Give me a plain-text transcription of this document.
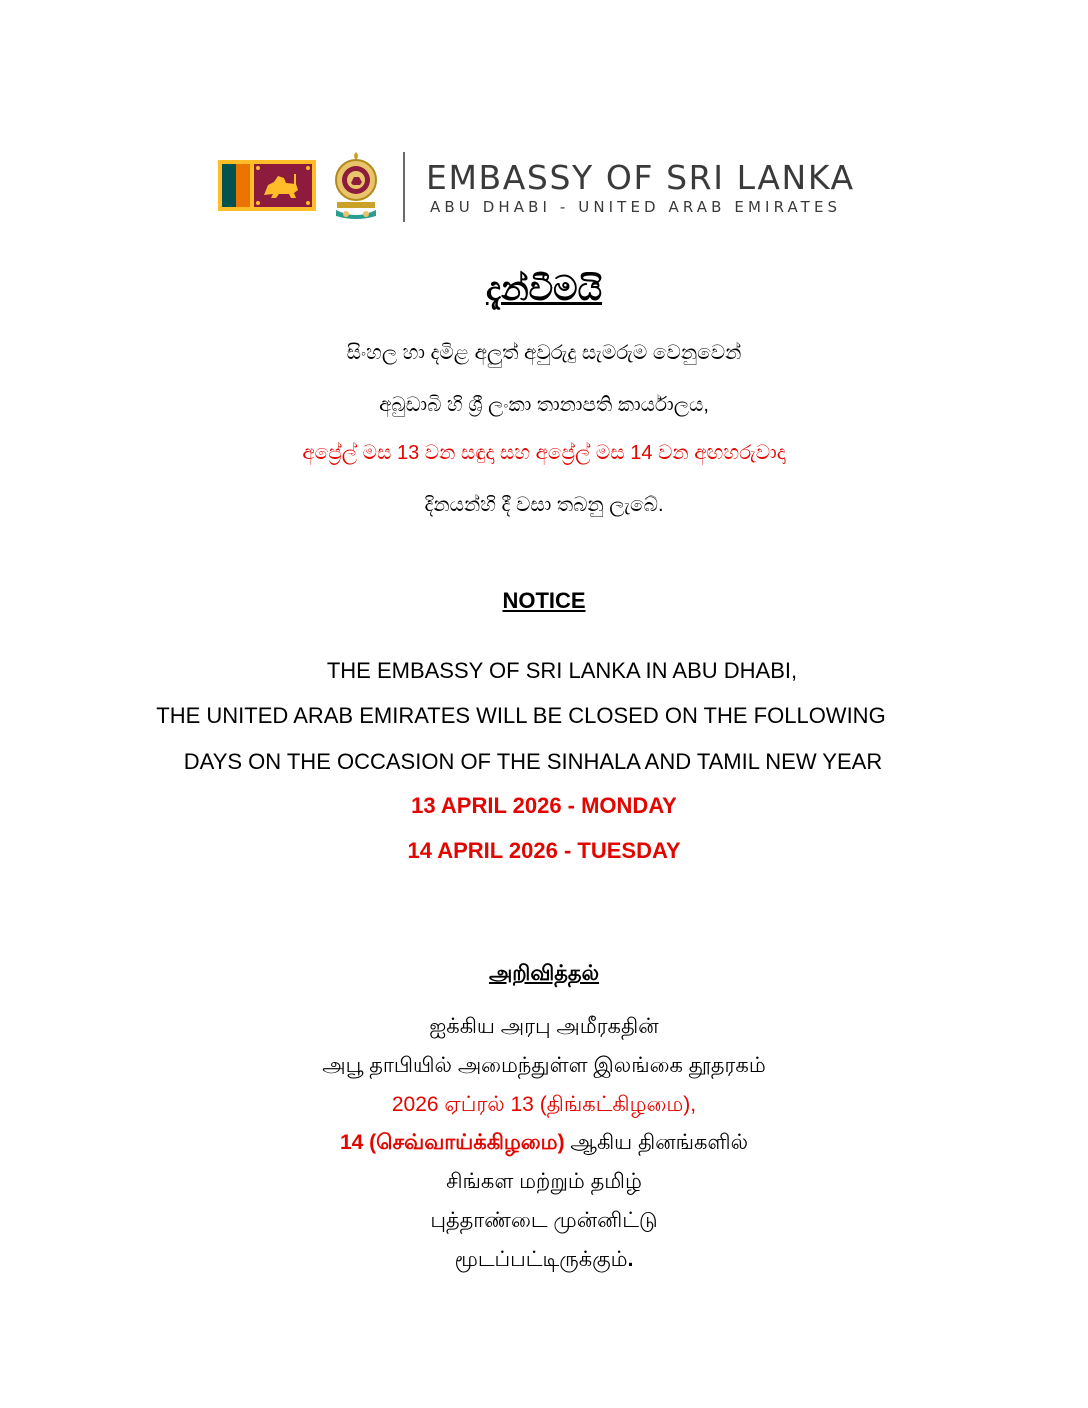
EMBASSY OF SRI LANKA
ABU DHABI - UNITED ARAB EMIRATES
දැන්වීමයි
සිංහල හා දමිළ අලුත් අවුරුදු සැමරුම වෙනුවෙන්
අබුඩාබි හි ශ්‍රී ලංකා තානාපති කාර්යාලය,
අප්‍රේල් මස 13 වන සඳුදා සහ අප්‍රේල් මස 14 වන අඟහරුවාදා
දිනයන්හි දී වසා තබනු ලැබේ.
NOTICE
THE EMBASSY OF SRI LANKA IN ABU DHABI,
THE UNITED ARAB EMIRATES WILL BE CLOSED ON THE FOLLOWING
DAYS ON THE OCCASION OF THE SINHALA AND TAMIL NEW YEAR
13 APRIL 2026 - MONDAY
14 APRIL 2026 - TUESDAY
அறிவித்தல்
ஐக்கிய அரபு அமீரகதின்
அபூ தாபியில் அமைந்துள்ள இலங்கை தூதரகம்
2026 ஏப்ரல் 13 (திங்கட்கிழமை),
14 (செவ்வாய்க்கிழமை) ஆகிய தினங்களில்
சிங்கள மற்றும் தமிழ்
புத்தாண்டை முன்னிட்டு
மூடப்பட்டிருக்கும்.
